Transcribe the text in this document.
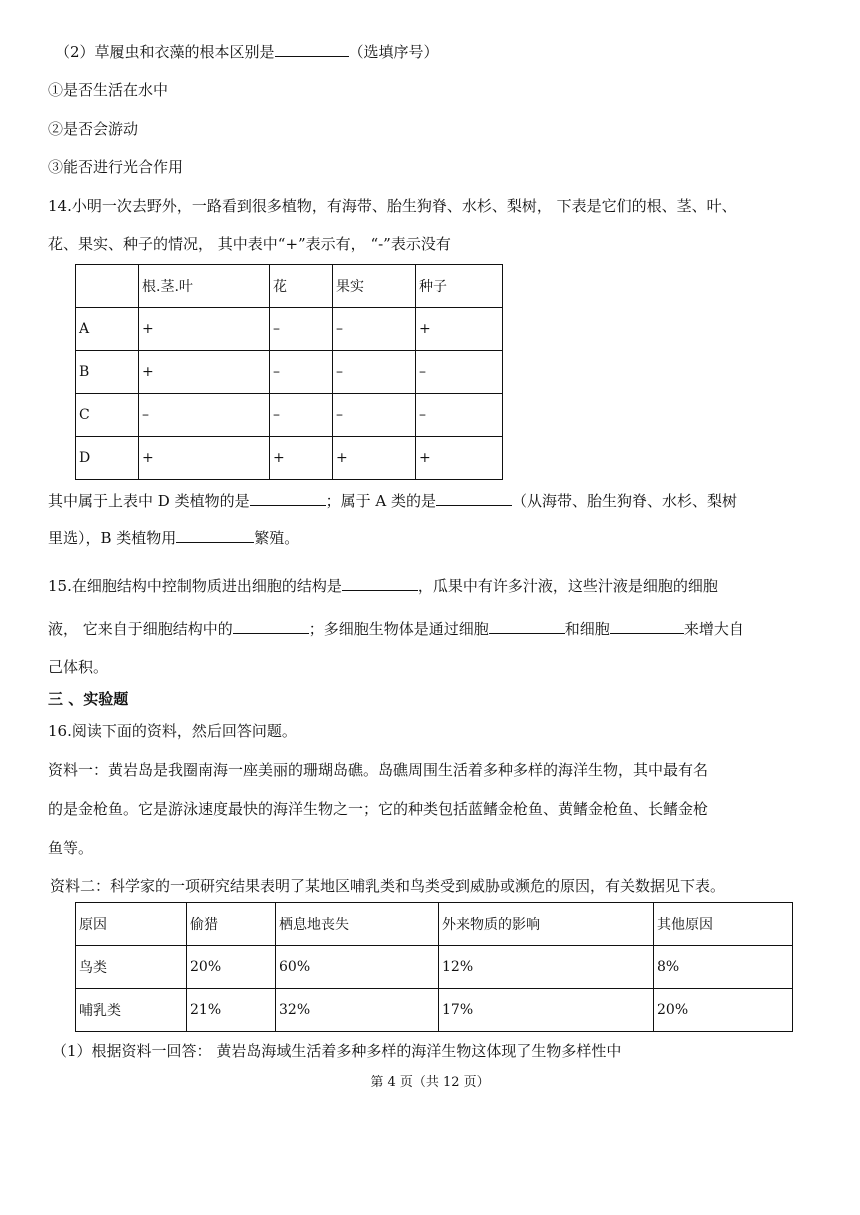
（2）草履虫和衣藻的根本区别是	（选填序号）
①是否生活在水中
②是否会游动
③能否进行光合作用
14.小明一次去野外，一路看到很多植物，有海带、胎生狗脊、水杉、梨树， 下表是它们的根、茎、叶、
花、果实、种子的情况， 其中表中“+”表示有， “-”表示没有
	根.茎.叶	花	果实	种子
A	+	–	–	+
B	+	–	–	–
C	–	–	–	–
D	+	+	+	+
其中属于上表中 D 类植物的是	；属于 A 类的是	（从海带、胎生狗脊、水杉、梨树
里选），B 类植物用	繁殖。
15.在细胞结构中控制物质进出细胞的结构是	，瓜果中有许多汁液，这些汁液是细胞的细胞
液， 它来自于细胞结构中的	；多细胞生物体是通过细胞	和细胞	来增大自
己体积。
三 、实验题
16.阅读下面的资料，然后回答问题。
资料一：黄岩岛是我圈南海一座美丽的珊瑚岛礁。岛礁周围生活着多种多样的海洋生物，其中最有名
的是金枪鱼。它是游泳速度最快的海洋生物之一；它的种类包括蓝鳍金枪鱼、黄鳍金枪鱼、长鳍金枪
鱼等。
资料二：科学家的一项研究结果表明了某地区哺乳类和鸟类受到威胁或濒危的原因，有关数据见下表。
原因	偷猎	栖息地丧失	外来物质的影响	其他原因
鸟类	20%	60%	12%	8%
哺乳类	21%	32%	17%	20%
（1）根据资料一回答： 黄岩岛海域生活着多种多样的海洋生物这体现了生物多样性中
第 4 页（共 12 页）
